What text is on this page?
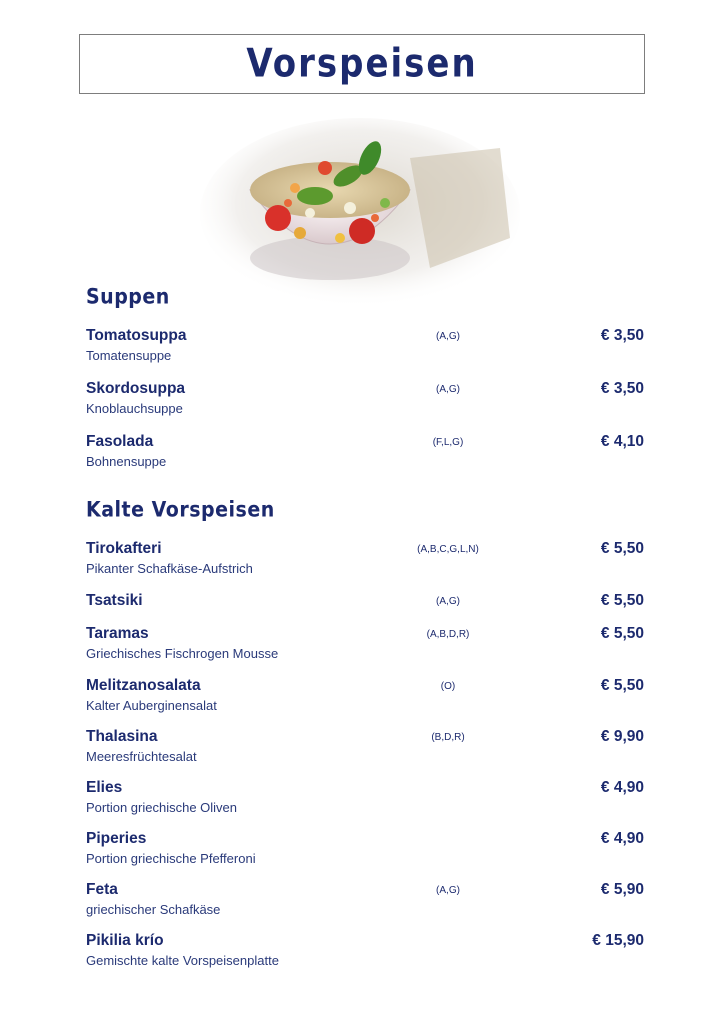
Vorspeisen
Suppen
Tomatosuppa
Tomatensuppe
(A,G)	€ 3,50
Skordosuppa
Knoblauchsuppe
(A,G)	€ 3,50
Fasolada
Bohnensuppe
(F,L,G)	€ 4,10
Kalte Vorspeisen
Tirokafteri
Pikanter Schafkäse-Aufstrich
(A,B,C,G,L,N)	€ 5,50
Tsatsiki	(A,G)	€ 5,50
Taramas
Griechisches Fischrogen Mousse
(A,B,D,R)	€ 5,50
Melitzanosalata
Kalter Auberginensalat
(O)	€ 5,50
Thalasina
Meeresfrüchtesalat
(B,D,R)	€ 9,90
Elies
Portion griechische Oliven
€ 4,90
Piperies
Portion griechische Pfefferoni
€ 4,90
Feta
griechischer Schafkäse
(A,G)	€ 5,90
Pikilia krío
Gemischte kalte Vorspeisenplatte
€ 15,90
